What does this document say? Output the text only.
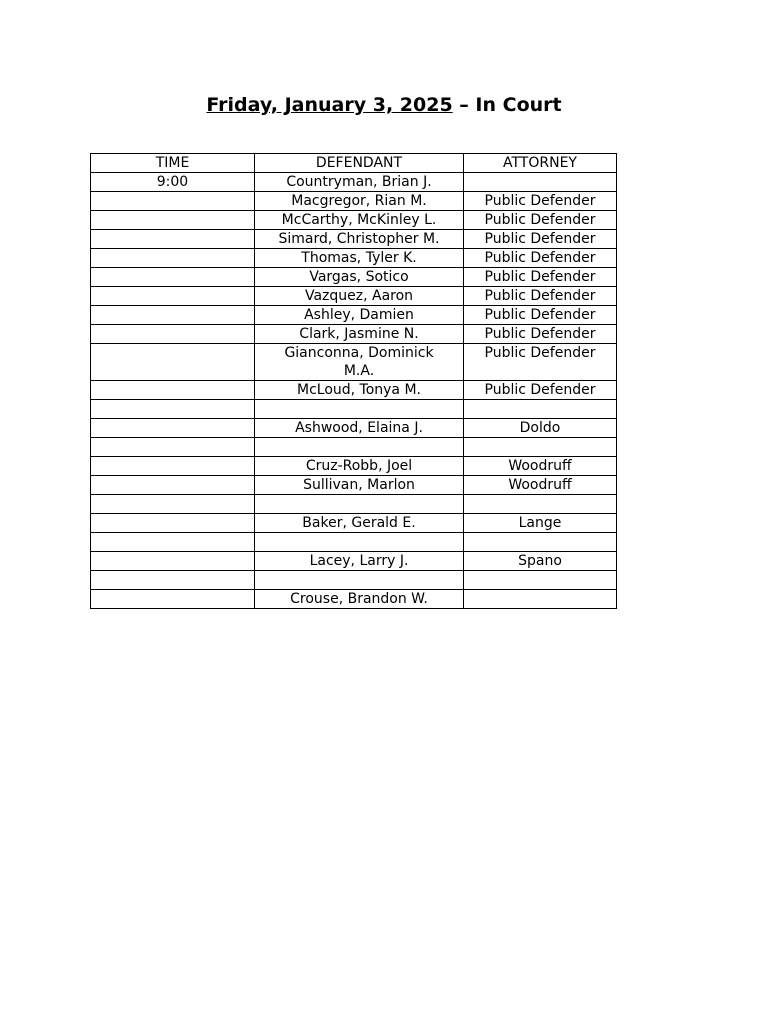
Friday, January 3, 2025 – In Court
TIME	DEFENDANT	ATTORNEY
9:00	Countryman, Brian J.	
	Macgregor, Rian M.	Public Defender
	McCarthy, McKinley L.	Public Defender
	Simard, Christopher M.	Public Defender
	Thomas, Tyler K.	Public Defender
	Vargas, Sotico	Public Defender
	Vazquez, Aaron	Public Defender
	Ashley, Damien	Public Defender
	Clark, Jasmine N.	Public Defender
	Gianconna, Dominick M.A.	Public Defender
	McLoud, Tonya M.	Public Defender

	Ashwood, Elaina J.	Doldo

	Cruz-Robb, Joel	Woodruff
	Sullivan, Marlon	Woodruff

	Baker, Gerald E.	Lange

	Lacey, Larry J.	Spano

	Crouse, Brandon W.	
